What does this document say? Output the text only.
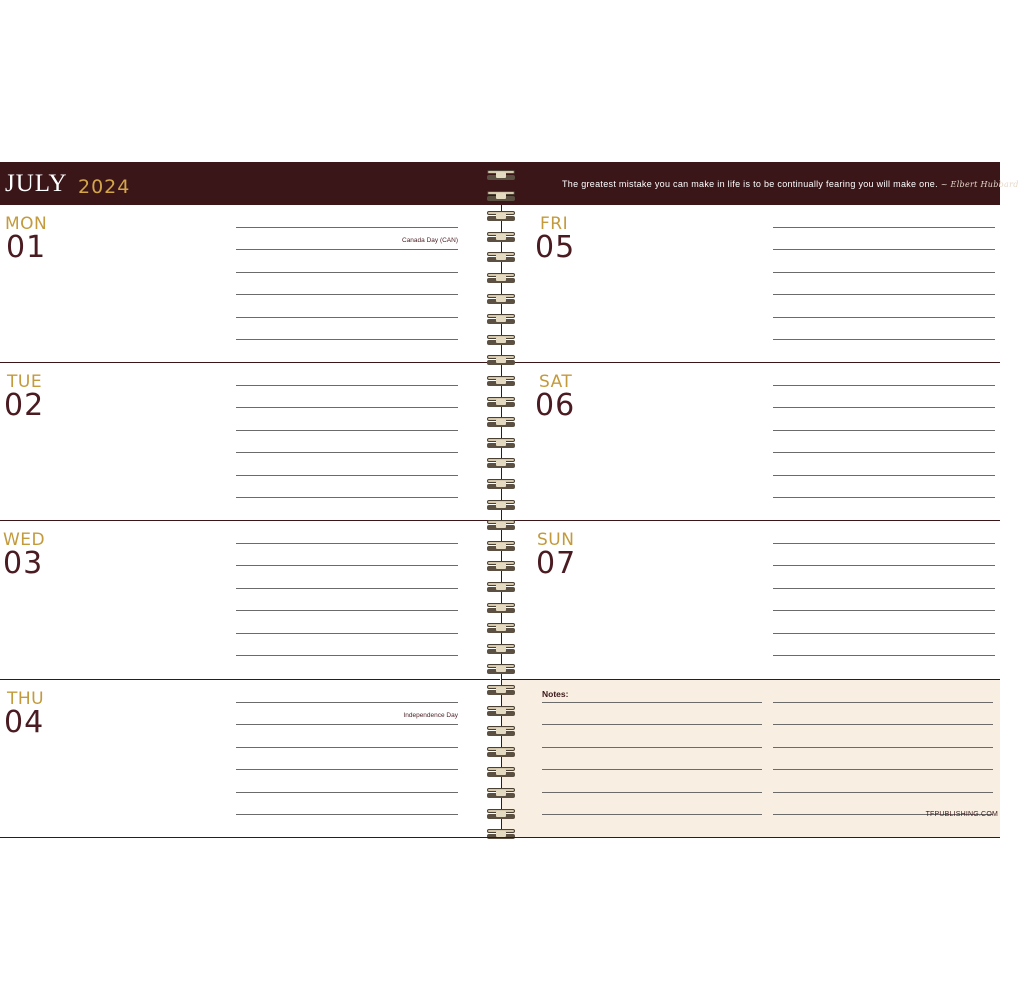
JULY 2024	The greatest mistake you can make in life is to be continually fearing you will make one. ~ Elbert Hubbard
MON
01	Canada Day (CAN)
TUE
02
WED
03
THU
04	Independence Day
FRI
05
SAT
06
SUN
07
Notes:
TFPUBLISHING.COM
